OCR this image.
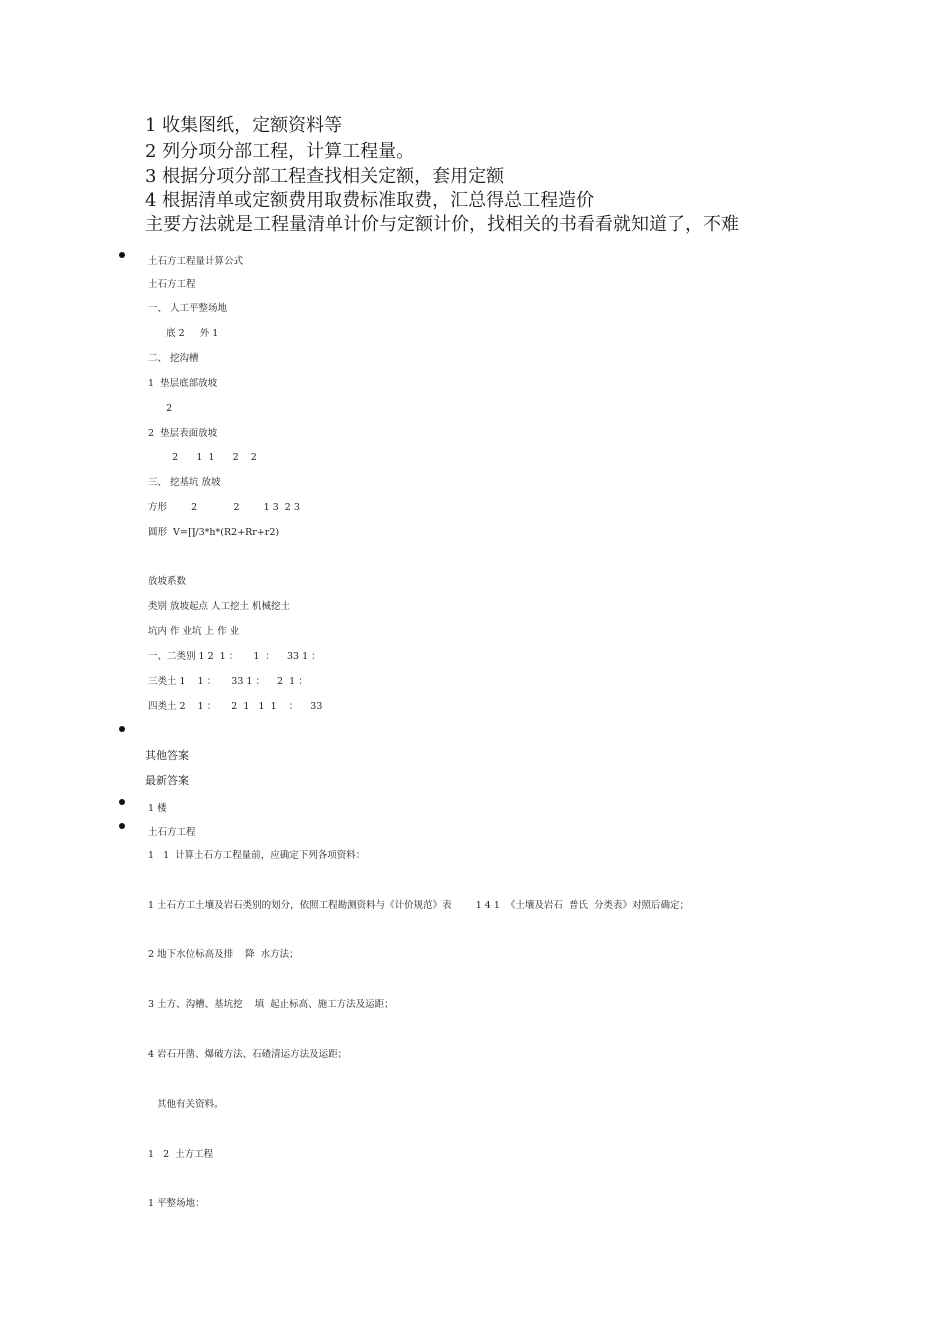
1 收集图纸，定额资料等
2 列分项分部工程，计算工程量。
3 根据分项分部工程查找相关定额，套用定额
4 根据清单或定额费用取费标准取费，汇总得总工程造价
主要方法就是工程量清单计价与定额计价，找相关的书看看就知道了，不难
土石方工程量计算公式
土石方工程
一、 人工平整场地
底 2     外 1
二、 挖沟槽
1  垫层底部放坡
2
2  垫层表面放坡
2      1  1      2    2
三、 挖基坑 放坡
方形        2            2        1 3  2 3
圆形  V=∏/3*h*(R2+Rr+r2)
放坡系数
类别 放坡起点 人工挖土 机械挖土
坑内 作 业坑 上 作 业
一、二类别 1 2  1 ：     1  ：    33 1 ：
三类土 1    1 ：     33 1 ：    2  1 ：
四类土 2    1 ：     2  1   1  1    ：    33
其他答案
最新答案
1 楼
土石方工程
1   1  计算土石方工程量前，应确定下列各项资料：
1 土石方工土壤及岩石类别的划分，依照工程勘测资料与《计价规范》表        1 4 1  《土壤及岩石  普氏  分类表》对照后确定；
2 地下水位标高及排    降  水方法；
3 土方、沟槽、基坑挖    填  起止标高、施工方法及运距；
4 岩石开凿、爆破方法、石碴清运方法及运距；
其他有关资料。
1   2  土方工程
1 平整场地：
